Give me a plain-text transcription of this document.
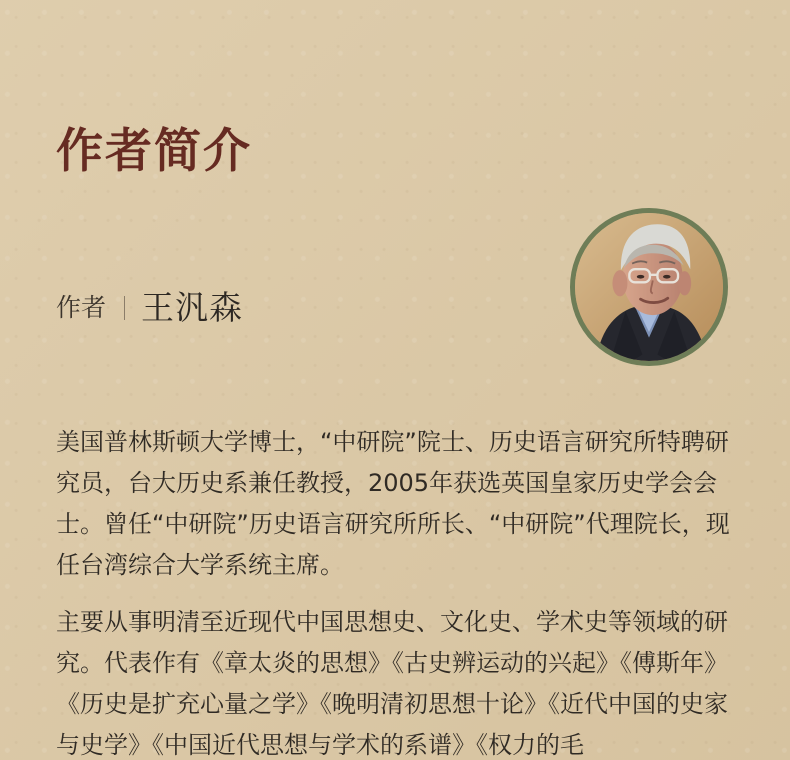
作者简介
作者 王汎森

美国普林斯顿大学博士，“中研院”院士、历史语言研究所特聘研究员，台大历史系兼任教授，2005年获选英国皇家历史学会会士。曾任“中研院”历史语言研究所所长、“中研院”代理院长，现任台湾综合大学系统主席。

主要从事明清至近现代中国思想史、文化史、学术史等领域的研究。代表作有《章太炎的思想》《古史辨运动的兴起》《傅斯年》《历史是扩充心量之学》《晚明清初思想十论》《近代中国的史家与史学》《中国近代思想与学术的系谱》《权力的毛
